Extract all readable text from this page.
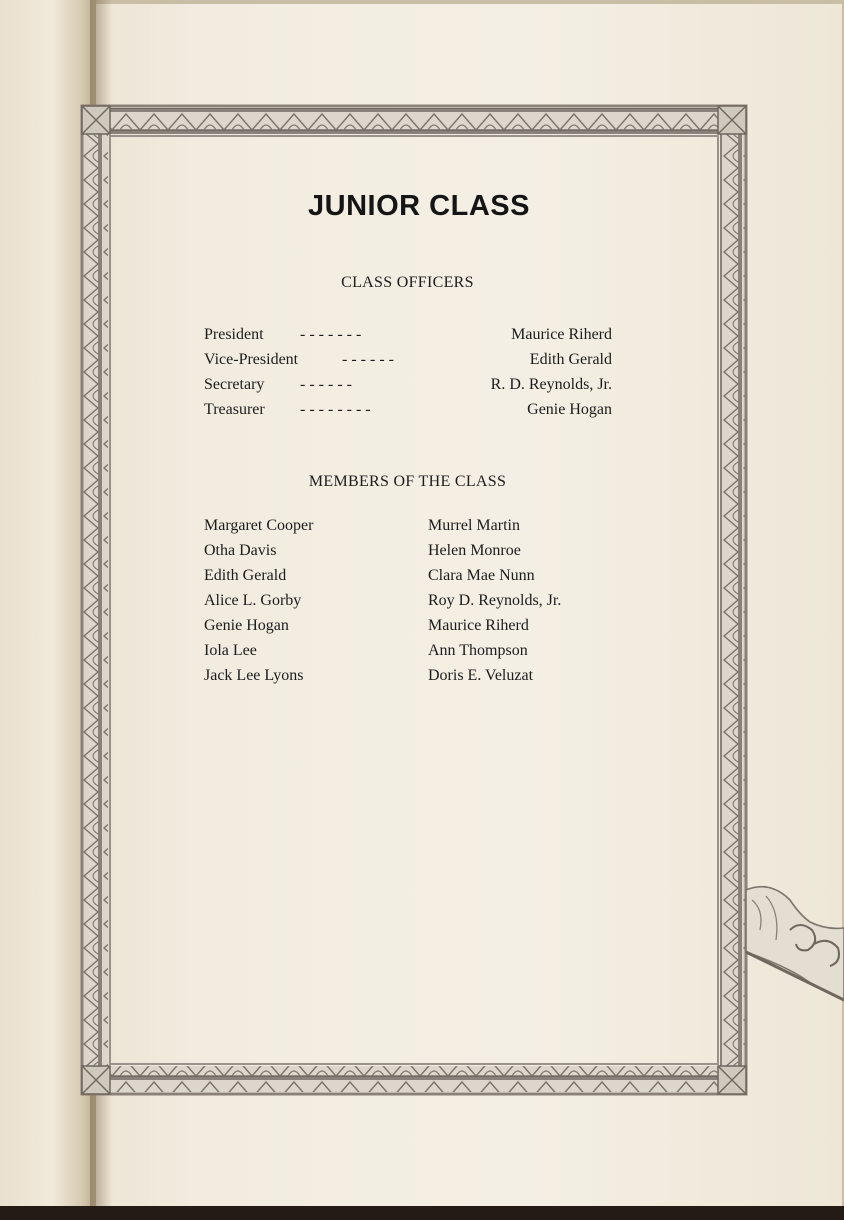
JUNIOR CLASS
CLASS OFFICERS
President - - - - - - -	Maurice Riherd
Vice-President	- - - - - -	Edith Gerald
Secretary - - - - - -	R. D. Reynolds, Jr.
Treasurer - - - - - - - -	Genie Hogan
MEMBERS OF THE CLASS
Margaret Cooper
Otha Davis
Edith Gerald
Alice L. Gorby
Genie Hogan
Iola Lee
Jack Lee Lyons
Murrel Martin
Helen Monroe
Clara Mae Nunn
Roy D. Reynolds, Jr.
Maurice Riherd
Ann Thompson
Doris E. Veluzat
